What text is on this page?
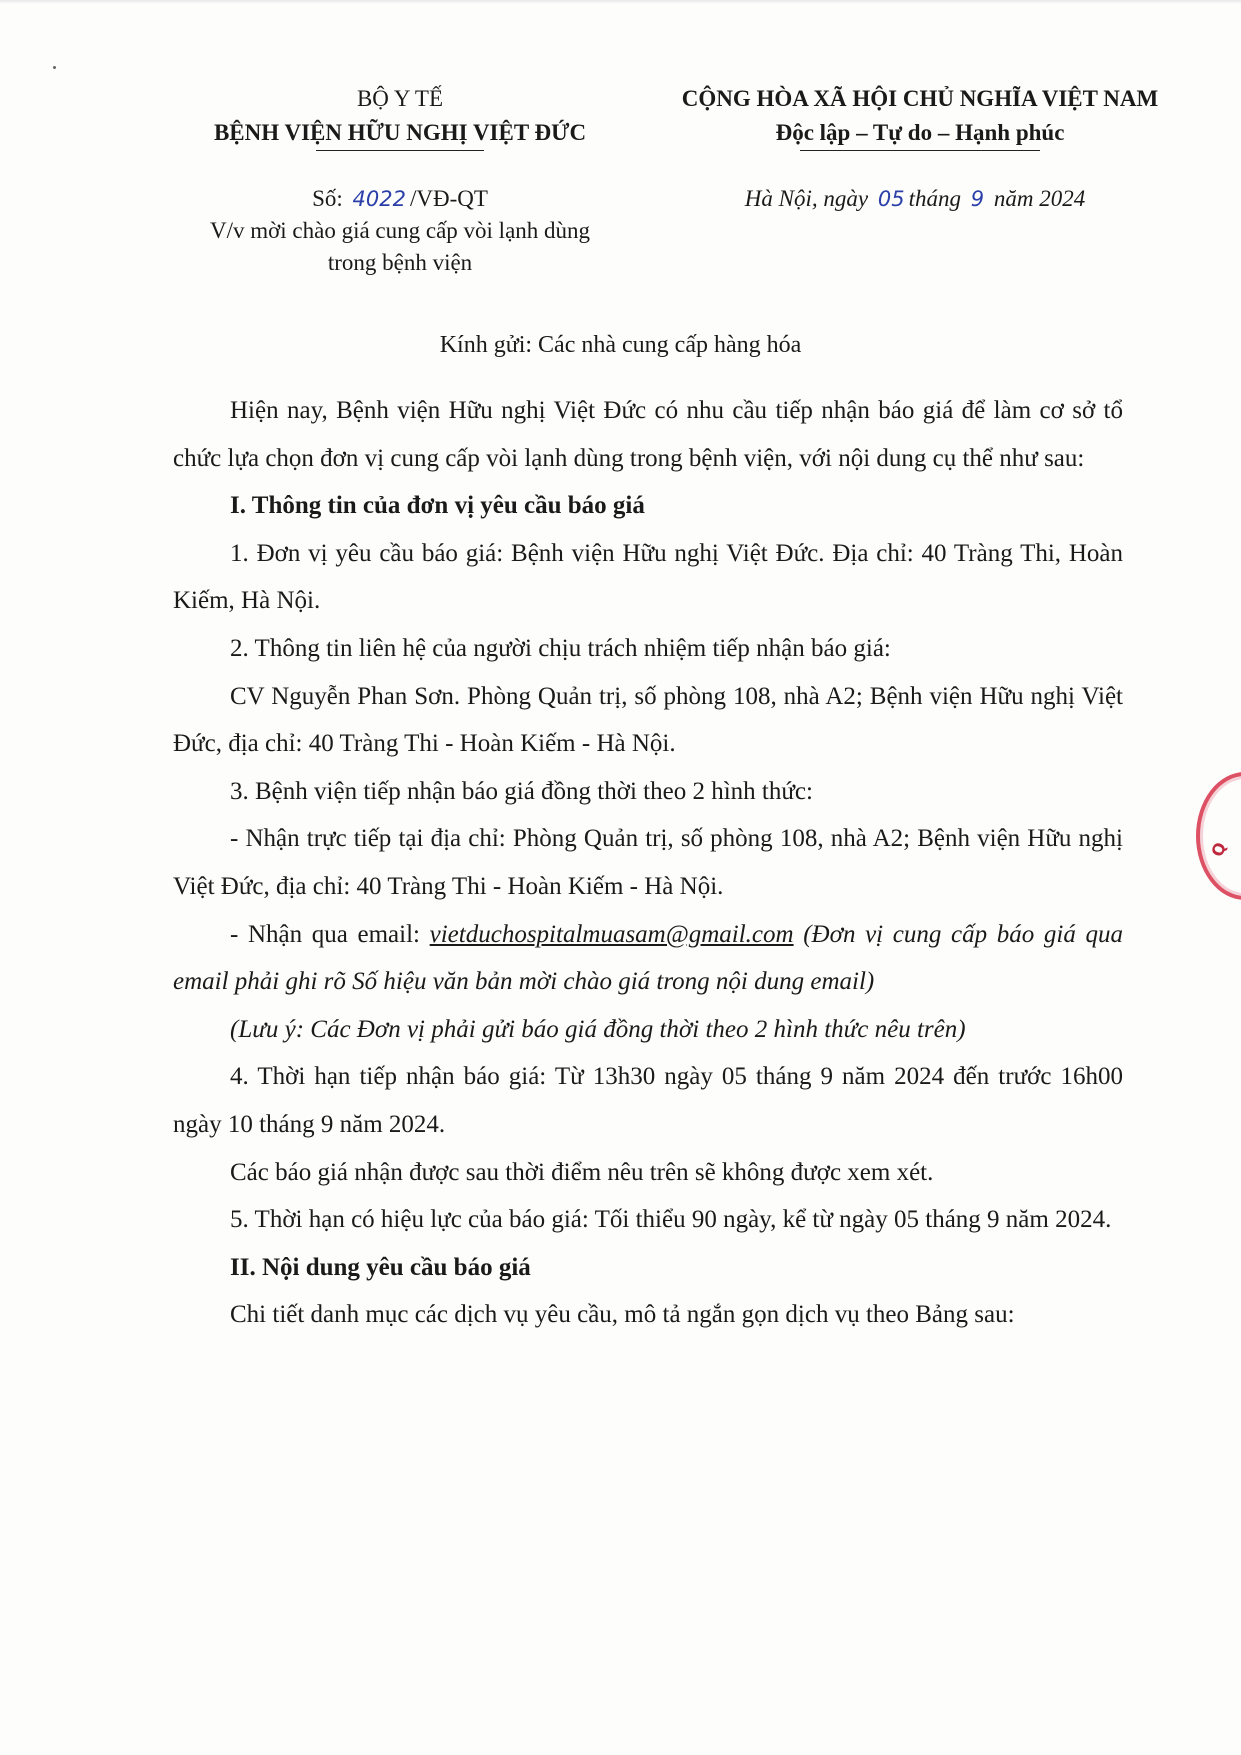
BỘ Y TẾ
BỆNH VIỆN HỮU NGHỊ VIỆT ĐỨC
CỘNG HÒA XÃ HỘI CHỦ NGHĨA VIỆT NAM
Độc lập – Tự do – Hạnh phúc
Số: 4022 /VĐ-QT
V/v mời chào giá cung cấp vòi lạnh dùng
trong bệnh viện
Hà Nội, ngày 05 tháng 9 năm 2024
Kính gửi: Các nhà cung cấp hàng hóa

Hiện nay, Bệnh viện Hữu nghị Việt Đức có nhu cầu tiếp nhận báo giá để làm cơ sở tổ chức lựa chọn đơn vị cung cấp vòi lạnh dùng trong bệnh viện, với nội dung cụ thể như sau:

I. Thông tin của đơn vị yêu cầu báo giá

1. Đơn vị yêu cầu báo giá: Bệnh viện Hữu nghị Việt Đức. Địa chỉ: 40 Tràng Thi, Hoàn Kiếm, Hà Nội.

2. Thông tin liên hệ của người chịu trách nhiệm tiếp nhận báo giá:

CV Nguyễn Phan Sơn. Phòng Quản trị, số phòng 108, nhà A2; Bệnh viện Hữu nghị Việt Đức, địa chỉ: 40 Tràng Thi - Hoàn Kiếm - Hà Nội.

3. Bệnh viện tiếp nhận báo giá đồng thời theo 2 hình thức:

- Nhận trực tiếp tại địa chỉ: Phòng Quản trị, số phòng 108, nhà A2; Bệnh viện Hữu nghị Việt Đức, địa chỉ: 40 Tràng Thi - Hoàn Kiếm - Hà Nội.

- Nhận qua email: vietduchospitalmuasam@gmail.com (Đơn vị cung cấp báo giá qua email phải ghi rõ Số hiệu văn bản mời chào giá trong nội dung email)

(Lưu ý: Các Đơn vị phải gửi báo giá đồng thời theo 2 hình thức nêu trên)

4. Thời hạn tiếp nhận báo giá: Từ 13h30 ngày 05 tháng 9 năm 2024 đến trước 16h00 ngày 10 tháng 9 năm 2024.

Các báo giá nhận được sau thời điểm nêu trên sẽ không được xem xét.

5. Thời hạn có hiệu lực của báo giá: Tối thiểu 90 ngày, kể từ ngày 05 tháng 9 năm 2024.

II. Nội dung yêu cầu báo giá

Chi tiết danh mục các dịch vụ yêu cầu, mô tả ngắn gọn dịch vụ theo Bảng sau:

Q
